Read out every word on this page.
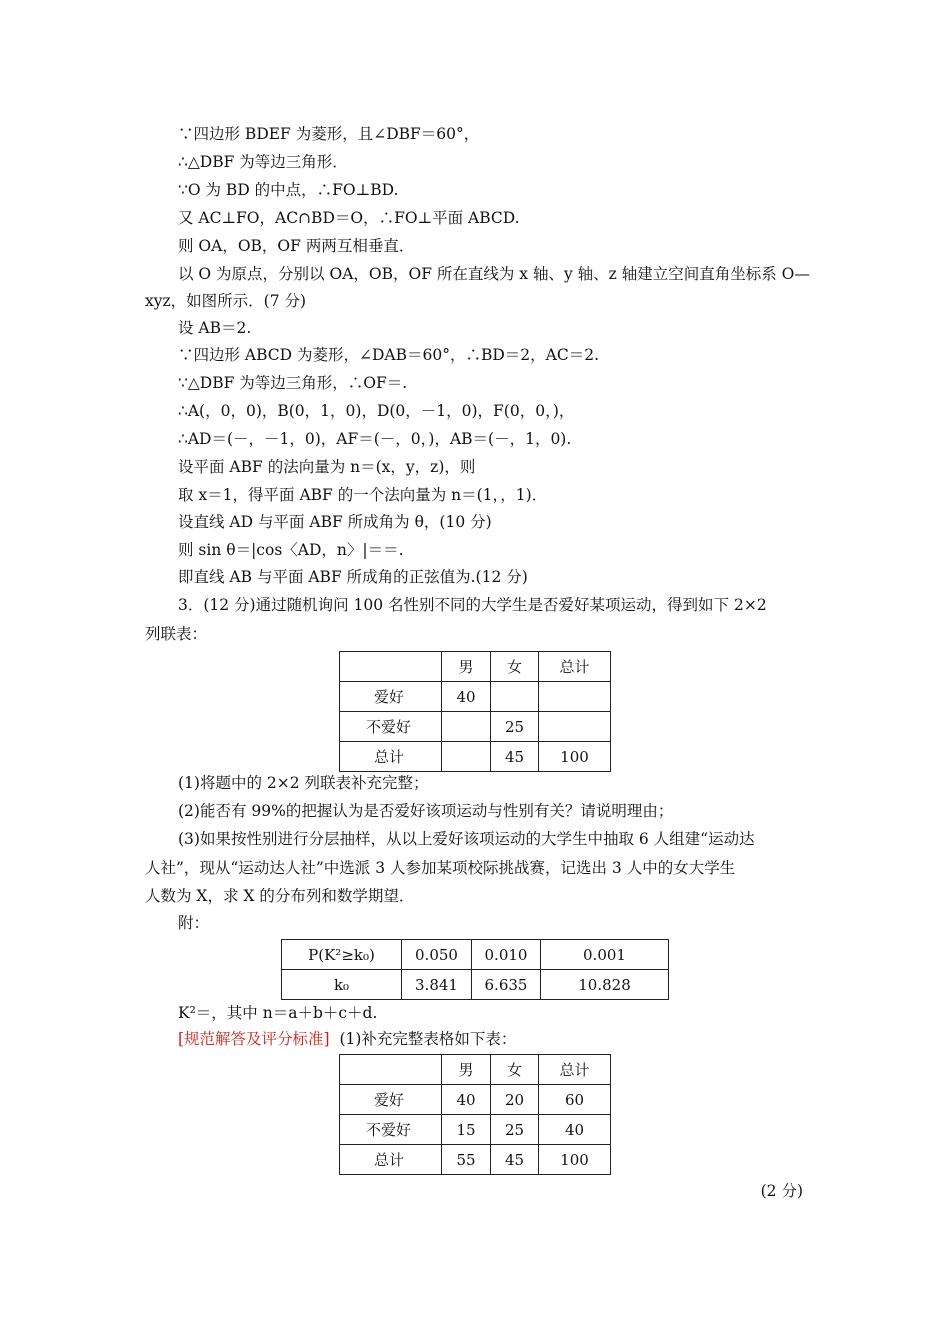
∵四边形 BDEF 为菱形，且∠DBF＝60°，
∴△DBF 为等边三角形．
∵O 为 BD 的中点，∴FO⊥BD.
又 AC⊥FO，AC∩BD＝O，∴FO⊥平面 ABCD.
则 OA，OB，OF 两两互相垂直．
以 O 为原点，分别以 OA，OB，OF 所在直线为 x 轴、y 轴、z 轴建立空间直角坐标系 O—
xyz，如图所示．(7 分)
设 AB＝2.
∵四边形 ABCD 为菱形，∠DAB＝60°，∴BD＝2，AC＝2.
∵△DBF 为等边三角形，∴OF＝.
∴A(，0，0)，B(0，1，0)，D(0，－1，0)，F(0，0，)，
∴AD＝(－，－1，0)，AF＝(－，0，)，AB＝(－，1，0).
设平面 ABF 的法向量为 n＝(x，y，z)，则
取 x＝1，得平面 ABF 的一个法向量为 n＝(1，，1)．
设直线 AD 与平面 ABF 所成角为 θ，(10 分)
则 sin θ＝|cos〈AD，n〉|＝＝.
即直线 AB 与平面 ABF 所成角的正弦值为.(12 分)
3．(12 分)通过随机询问 100 名性别不同的大学生是否爱好某项运动，得到如下 2×2
列联表：
	男	女	总计
爱好	40		
不爱好		25	
总计		45	100
(1)将题中的 2×2 列联表补充完整；
(2)能否有 99%的把握认为是否爱好该项运动与性别有关？请说明理由；
(3)如果按性别进行分层抽样，从以上爱好该项运动的大学生中抽取 6 人组建“运动达
人社”，现从“运动达人社”中选派 3 人参加某项校际挑战赛，记选出 3 人中的女大学生
人数为 X，求 X 的分布列和数学期望．
附：
P(K²≥k₀)	0.050	0.010	0.001
k₀	3.841	6.635	10.828
K²＝，其中 n＝a＋b＋c＋d.
[规范解答及评分标准] (1)补充完整表格如下表：
	男	女	总计
爱好	40	20	60
不爱好	15	25	40
总计	55	45	100
(2 分)
